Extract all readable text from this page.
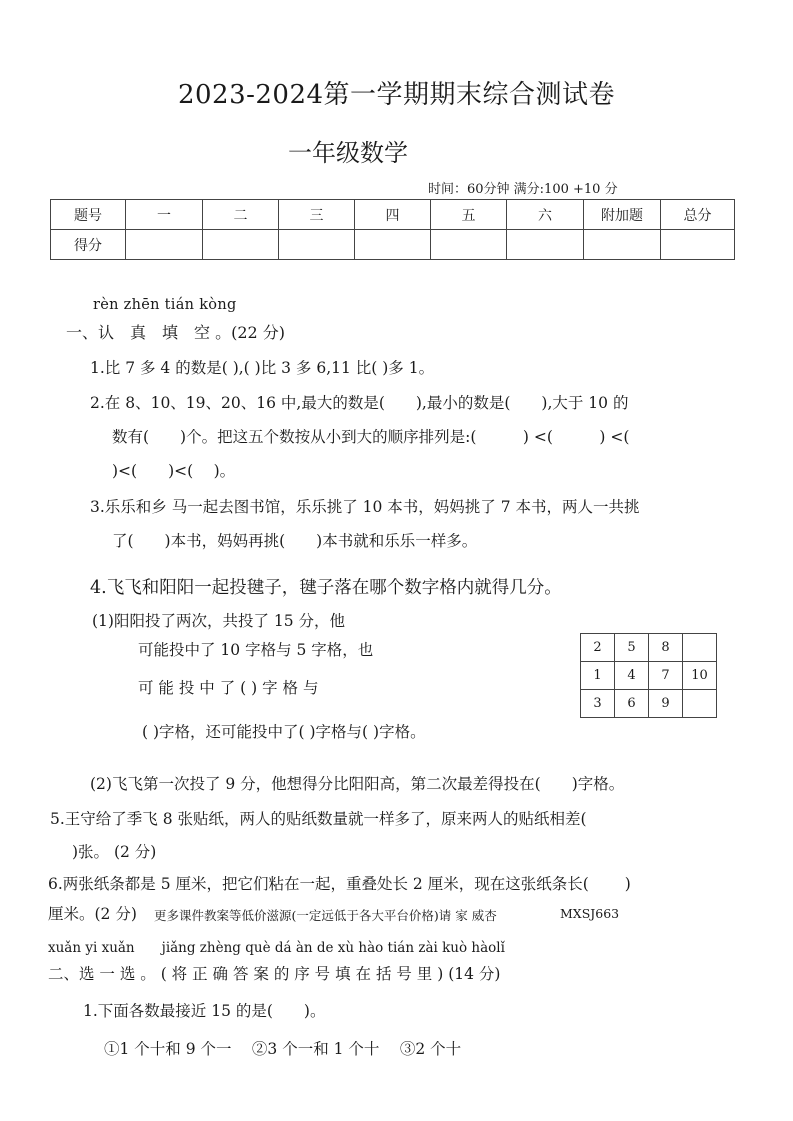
2023-2024第一学期期末综合测试卷
一年级数学
时间：60分钟 满分:100 +10 分
题号	一	二	三	四	五	六	附加题	总分
得分								
rèn zhēn tián kòng
一、认　真　填　空 。(22 分)
1.比 7 多 4 的数是( ),( )比 3 多 6,11 比( )多 1。
2.在 8、10、19、20、16 中,最大的数是(　　),最小的数是(　　),大于 10 的
数有(　　)个。把这五个数按从小到大的顺序排列是:(　　　) <(　　　) <(
)<(　　)<(　 )。
3.乐乐和乡 马一起去图书馆，乐乐挑了 10 本书，妈妈挑了 7 本书，两人一共挑
了(　　)本书，妈妈再挑(　　)本书就和乐乐一样多。
4.飞飞和阳阳一起投毽子，毽子落在哪个数字格内就得几分。
(1)阳阳投了两次，共投了 15 分，他
可能投中了 10 字格与 5 字格，也
可 能 投 中 了 ( ) 字 格 与
( )字格，还可能投中了( )字格与( )字格。
2	5	8	
1	4	7	10
3	6	9	
(2)飞飞第一次投了 9 分，他想得分比阳阳高，第二次最差得投在(　　)字格。
5.王守给了季飞 8 张贴纸，两人的贴纸数量就一样多了，原来两人的贴纸相差(
)张。 (2 分)
6.两张纸条都是 5 厘米，把它们粘在一起，重叠处长 2 厘米，现在这张纸条长(　　 )
厘米。(2 分) 更多课件教案等低价滋源(一定远低于各大平台价格)请 家 威杏	MXSJ663
xuǎn yi xuǎn　　jiǎng zhèng què dá àn de xù hào tián zài kuò hàolǐ
二、选 一 选 。 ( 将 正 确 答 案 的 序 号 填 在 括 号 里 ) (14 分)
1.下面各数最接近 15 的是(　　)。
①1 个十和 9 个一　 ②3 个一和 1 个十　 ③2 个十
